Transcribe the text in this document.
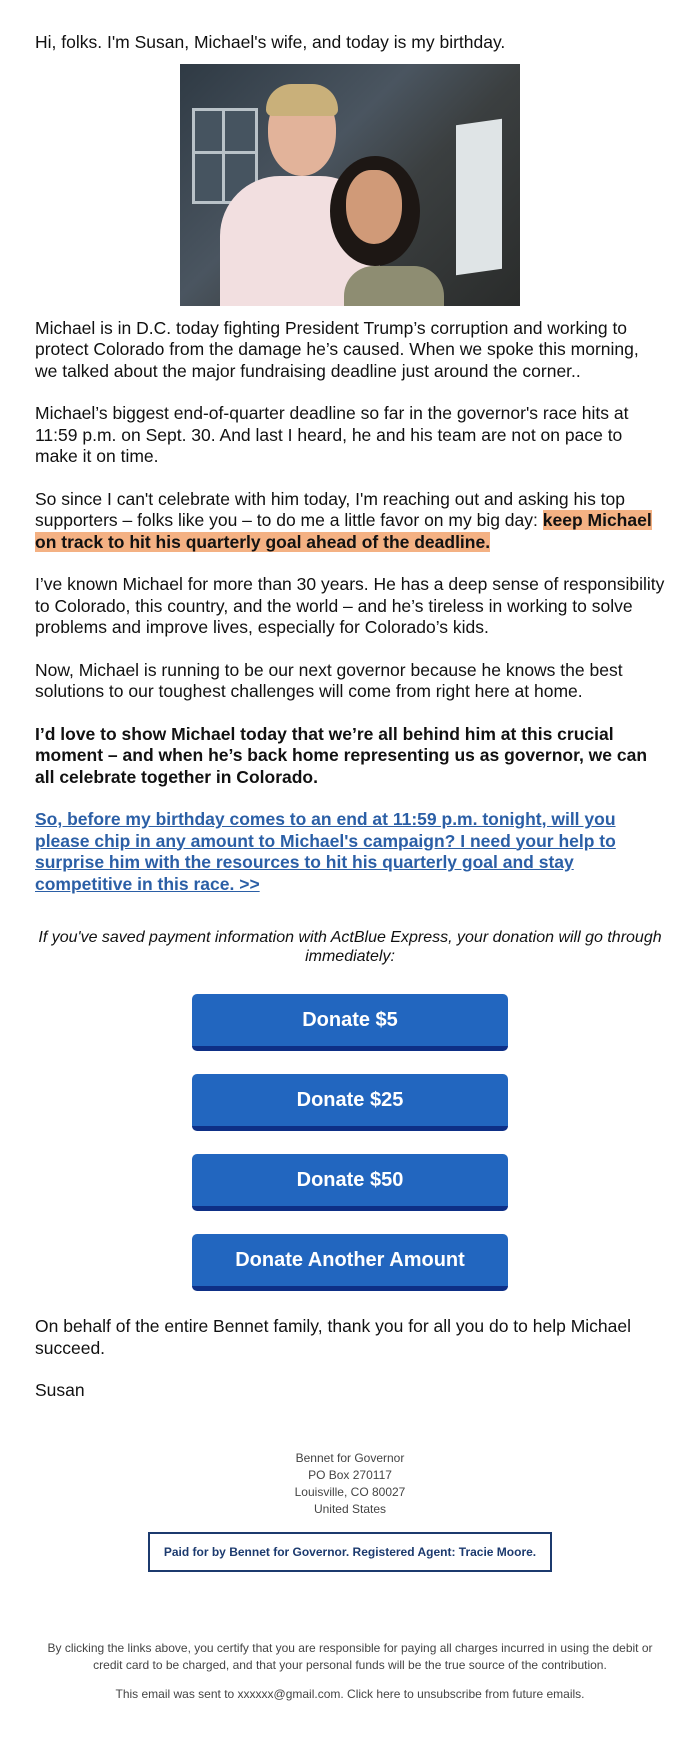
Hi, folks. I'm Susan, Michael's wife, and today is my birthday.

Michael is in D.C. today fighting President Trump’s corruption and working to protect Colorado from the damage he’s caused. When we spoke this morning, we talked about the major fundraising deadline just around the corner..

Michael’s biggest end-of-quarter deadline so far in the governor's race hits at 11:59 p.m. on Sept. 30. And last I heard, he and his team are not on pace to make it on time.

So since I can't celebrate with him today, I'm reaching out and asking his top supporters – folks like you – to do me a little favor on my big day: keep Michael on track to hit his quarterly goal ahead of the deadline.

I’ve known Michael for more than 30 years. He has a deep sense of responsibility to Colorado, this country, and the world – and he’s tireless in working to solve problems and improve lives, especially for Colorado’s kids.

Now, Michael is running to be our next governor because he knows the best solutions to our toughest challenges will come from right here at home.

I’d love to show Michael today that we’re all behind him at this crucial moment – and when he’s back home representing us as governor, we can all celebrate together in Colorado.

So, before my birthday comes to an end at 11:59 p.m. tonight, will you please chip in any amount to Michael's campaign? I need your help to surprise him with the resources to hit his quarterly goal and stay competitive in this race. >>

If you've saved payment information with ActBlue Express, your donation will go through immediately:

Donate $5
Donate $25
Donate $50
Donate Another Amount

On behalf of the entire Bennet family, thank you for all you do to help Michael succeed.

Susan

Bennet for Governor
PO Box 270117
Louisville, CO 80027
United States
Paid for by Bennet for Governor. Registered Agent: Tracie Moore.
By clicking the links above, you certify that you are responsible for paying all charges incurred in using the debit or credit card to be charged, and that your personal funds will be the true source of the contribution.
This email was sent to xxxxxx@gmail.com. Click here to unsubscribe from future emails.
